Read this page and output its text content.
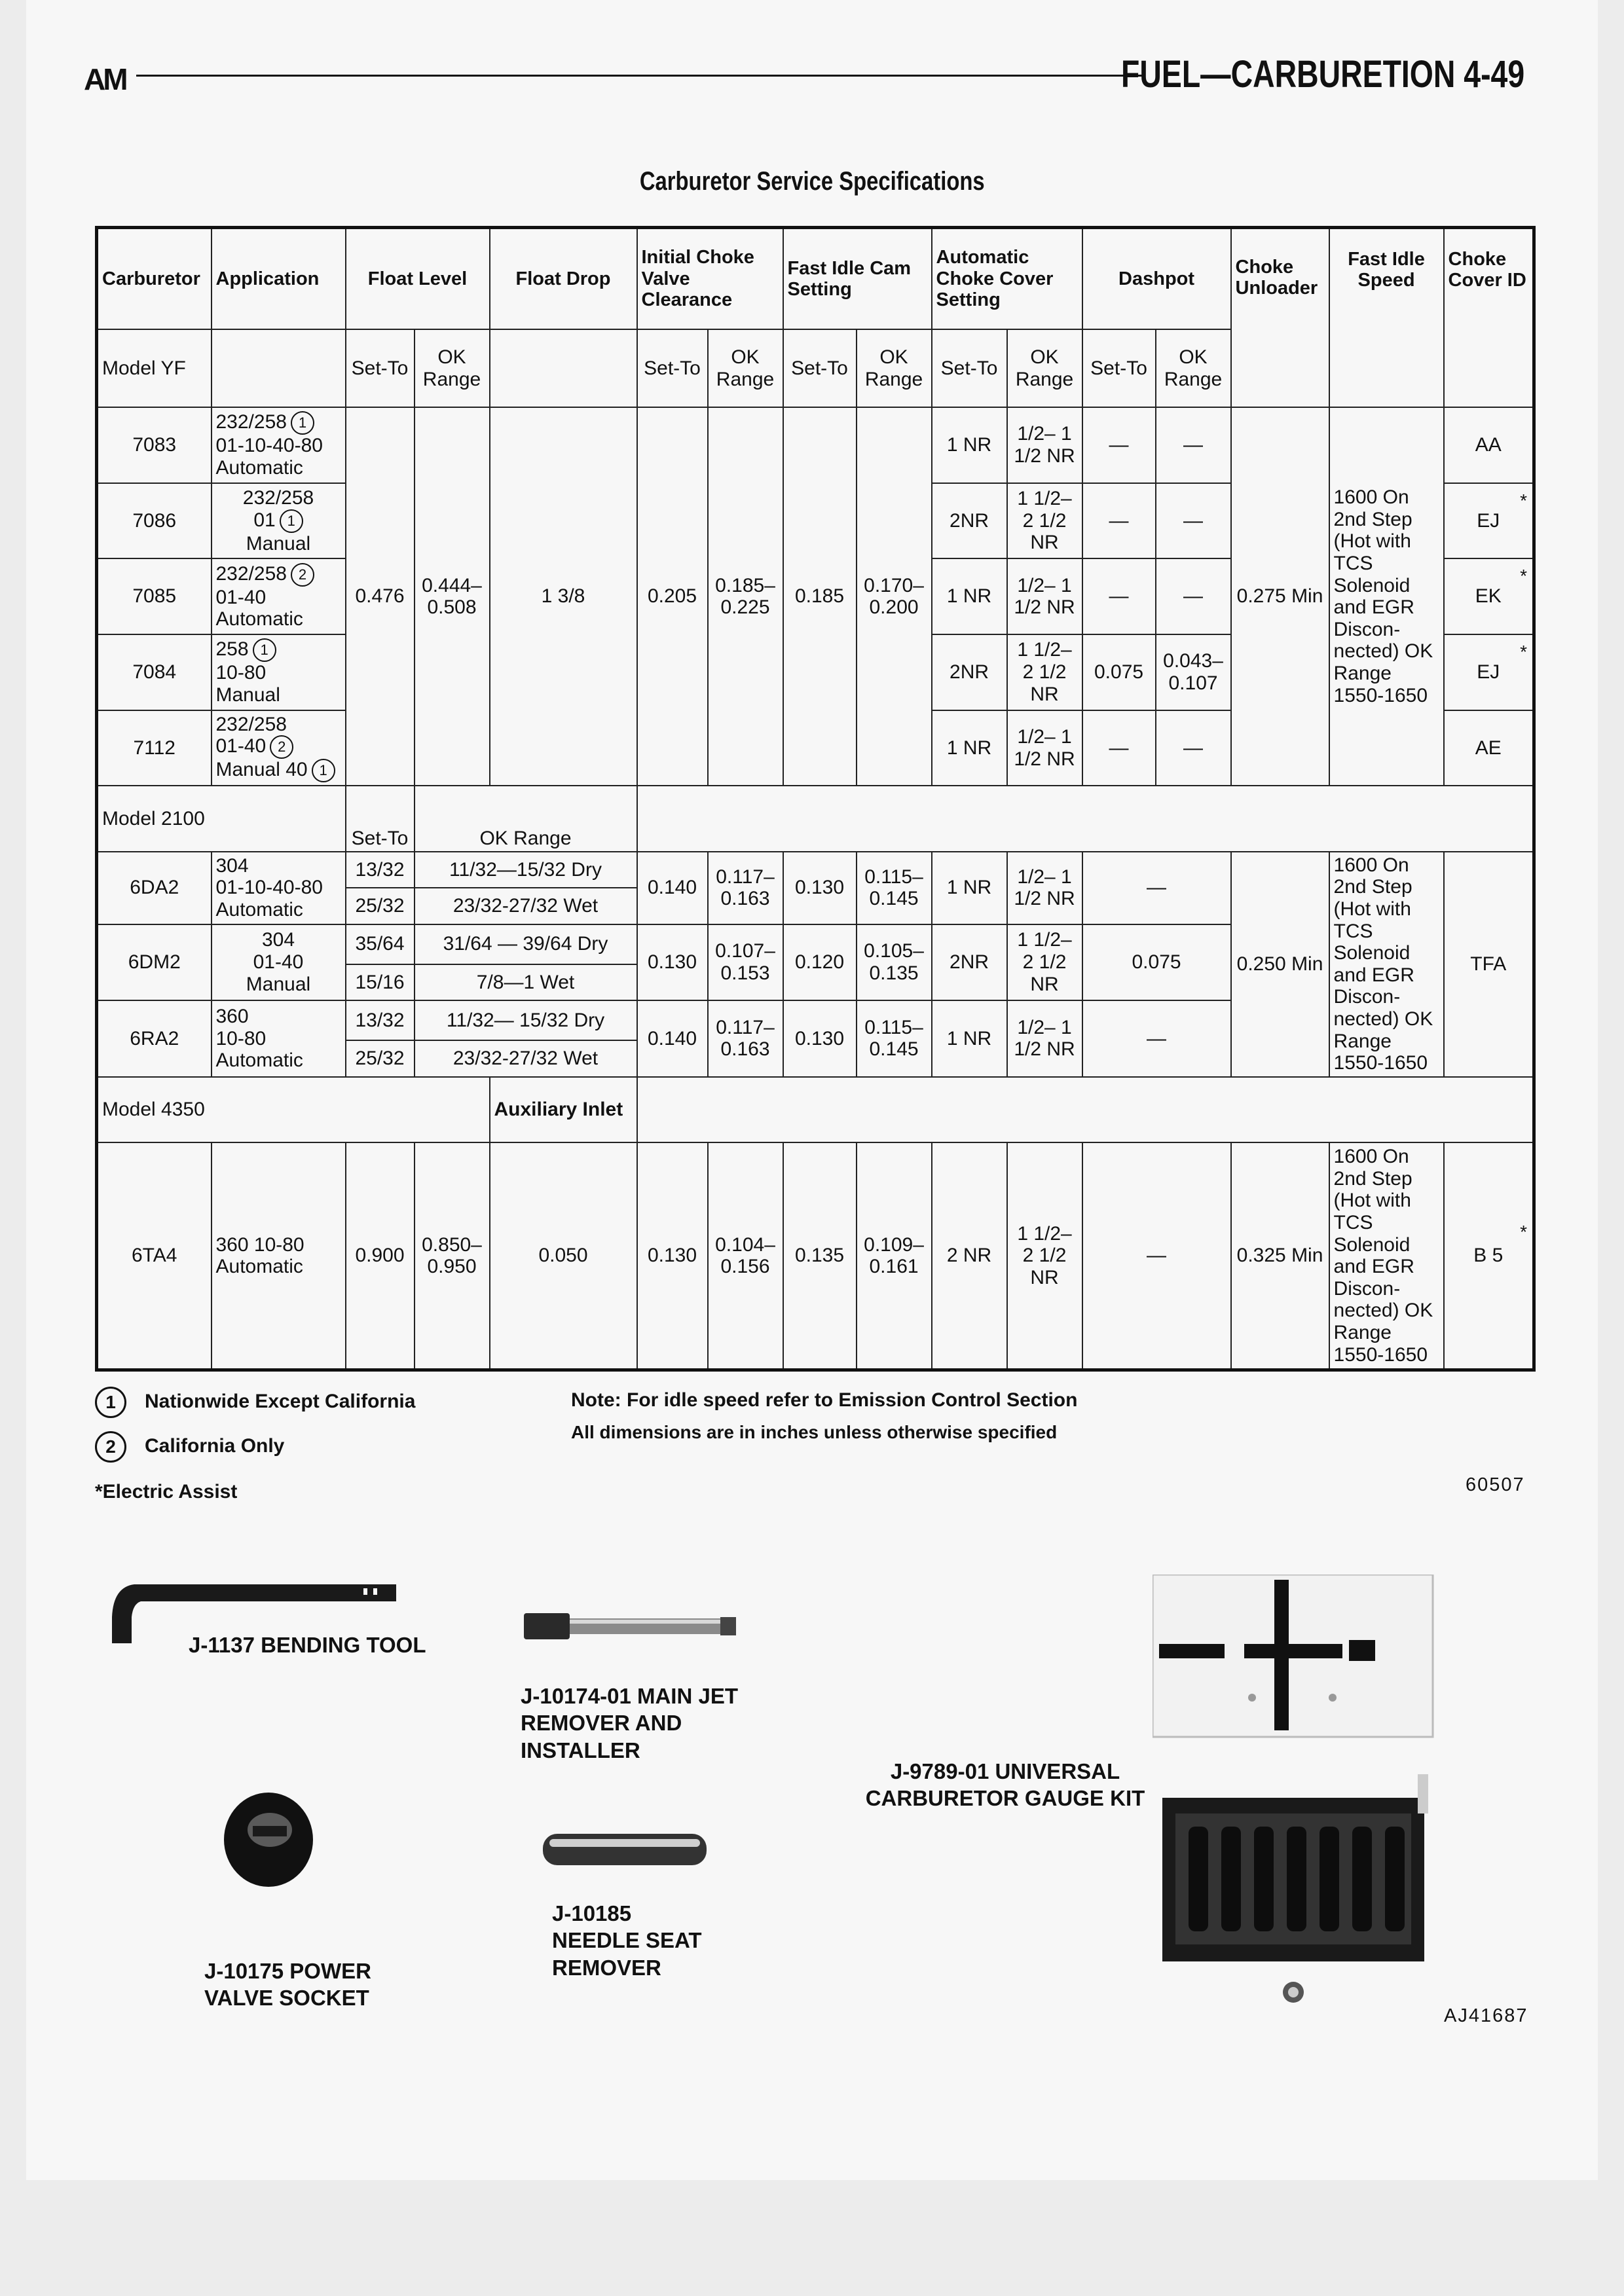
AM	FUEL—CARBURETION 4-49
Carburetor Service Specifications
Carburetor	Application	Float Level		Float Drop	Initial Choke Valve Clearance		Fast Idle Cam Setting		Automatic Choke Cover Setting		Dashpot		Choke Unloader	Fast Idle Speed	Choke Cover ID
Model YF		Set-To	OK Range		Set-To	OK Range	Set-To	OK Range	Set-To	OK Range	Set-To	OK Range			
7083	232/258 1
01-10-40-80
Automatic	0.476	0.444–0.508	1 3/8	0.205	0.185–0.225	0.185	0.170–0.200	1 NR	1/2– 1 1/2 NR	—	—	0.275 Min	1600 On 2nd Step (Hot with TCS Solenoid and EGR Discon-nected) OK Range 1550-1650	AA

7086	232/258
01 1
Manual								2NR	1 1/2– 2 1/2 NR	—	—			EJ
*

7085	232/258 2
01-40
Automatic								1 NR	1/2– 1 1/2 NR	—	—			EK
*

7084	258 1
10-80
Manual								2NR	1 1/2– 2 1/2 NR	0.075	0.043– 0.107			EJ
*

7112	232/258
01-40 2
Manual 40 1								1 NR	1/2– 1 1/2 NR	—	—			AE

Model 2100		Set-To	OK Range												
6DA2	304
01-10-40-80
Automatic	13/32	11/32—15/32 Dry		0.140	0.117– 0.163	0.130	0.115– 0.145	1 NR	1/2– 1 1/2 NR	—		0.250 Min	1600 On 2nd Step (Hot with TCS Solenoid and EGR Discon-nected) OK Range 1550-1650	TFA
		25/32	23/32-27/32 Wet												
6DM2	304
01-40
Manual	35/64	31/64 — 39/64 Dry		0.130	0.107– 0.153	0.120	0.105– 0.135	2NR	1 1/2– 2 1/2 NR	0.075				
		15/16	7/8—1 Wet												
6RA2	360
10-80
Automatic	13/32	11/32— 15/32 Dry		0.140	0.117– 0.163	0.130	0.115– 0.145	1 NR	1/2– 1 1/2 NR	—				
		25/32	23/32-27/32 Wet												
Model 4350				Auxiliary Inlet											
6TA4	360 10-80 Automatic	0.900	0.850– 0.950	0.050	0.130	0.104– 0.156	0.135	0.109– 0.161	2 NR	1 1/2– 2 1/2 NR	—		0.325 Min	1600 On 2nd Step (Hot with TCS Solenoid and EGR Discon-nected) OK Range 1550-1650	B 5
*
1 Nationwide Except California
2 California Only
*Electric Assist
Note: For idle speed refer to Emission Control Section
All dimensions are in inches unless otherwise specified
60507
J-1137 BENDING TOOL
J-10174-01 MAIN JET REMOVER AND INSTALLER
J-9789-01 UNIVERSAL CARBURETOR GAUGE KIT
J-10175 POWER VALVE SOCKET
J-10185 NEEDLE SEAT REMOVER
AJ41687
